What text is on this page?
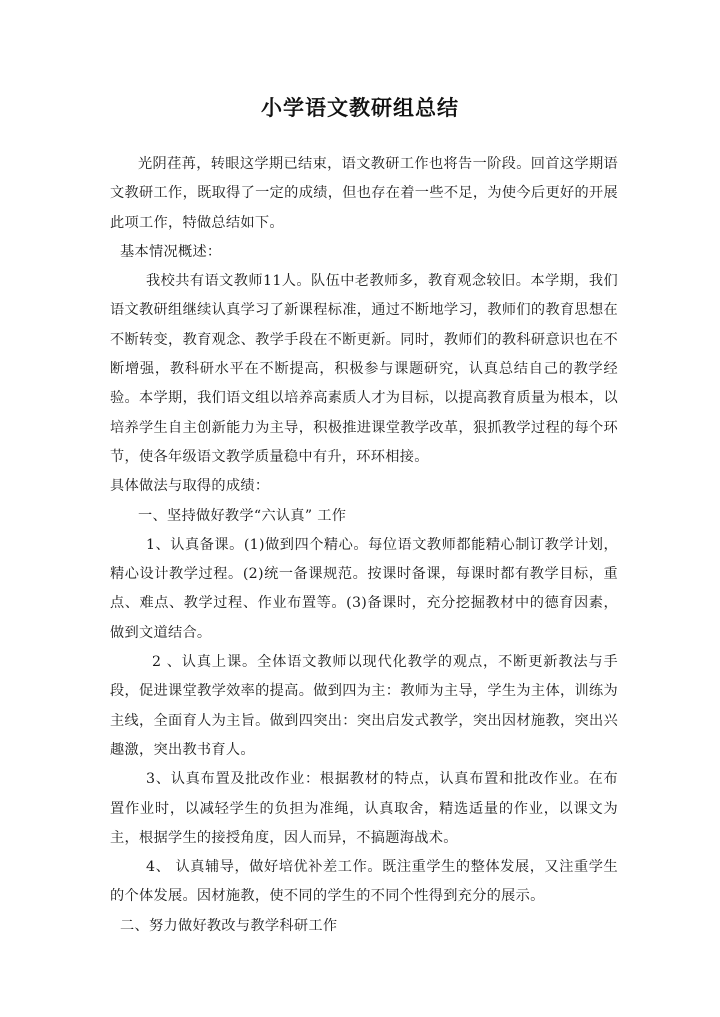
小学语文教研组总结

光阴荏苒，转眼这学期已结束，语文教研工作也将告一阶段。回首这学期语文教研工作，既取得了一定的成绩，但也存在着一些不足，为使今后更好的开展此项工作，特做总结如下。

基本情况概述：

我校共有语文教师11人。队伍中老教师多，教育观念较旧。本学期，我们语文教研组继续认真学习了新课程标准，通过不断地学习，教师们的教育思想在不断转变，教育观念、教学手段在不断更新。同时，教师们的教科研意识也在不断增强，教科研水平在不断提高，积极参与课题研究，认真总结自己的教学经验。本学期，我们语文组以培养高素质人才为目标，以提高教育质量为根本，以培养学生自主创新能力为主导，积极推进课堂教学改革，狠抓教学过程的每个环节，使各年级语文教学质量稳中有升，环环相接。

具体做法与取得的成绩：

一、坚持做好教学“六认真” 工作

1、认真备课。(1)做到四个精心。每位语文教师都能精心制订教学计划，精心设计教学过程。(2)统一备课规范。按课时备课，每课时都有教学目标，重点、难点、教学过程、作业布置等。(3)备课时，充分挖掘教材中的德育因素，做到文道结合。

2 、认真上课。全体语文教师以现代化教学的观点，不断更新教法与手段，促进课堂教学效率的提高。做到四为主：教师为主导，学生为主体，训练为主线，全面育人为主旨。做到四突出：突出启发式教学，突出因材施教，突出兴趣激，突出教书育人。

3、认真布置及批改作业：根据教材的特点，认真布置和批改作业。在布置作业时，以减轻学生的负担为准绳，认真取舍，精选适量的作业，以课文为主，根据学生的接授角度，因人而异，不搞题海战术。

4、 认真辅导，做好培优补差工作。既注重学生的整体发展，又注重学生的个体发展。因材施教，使不同的学生的不同个性得到充分的展示。

二、努力做好教改与教学科研工作
